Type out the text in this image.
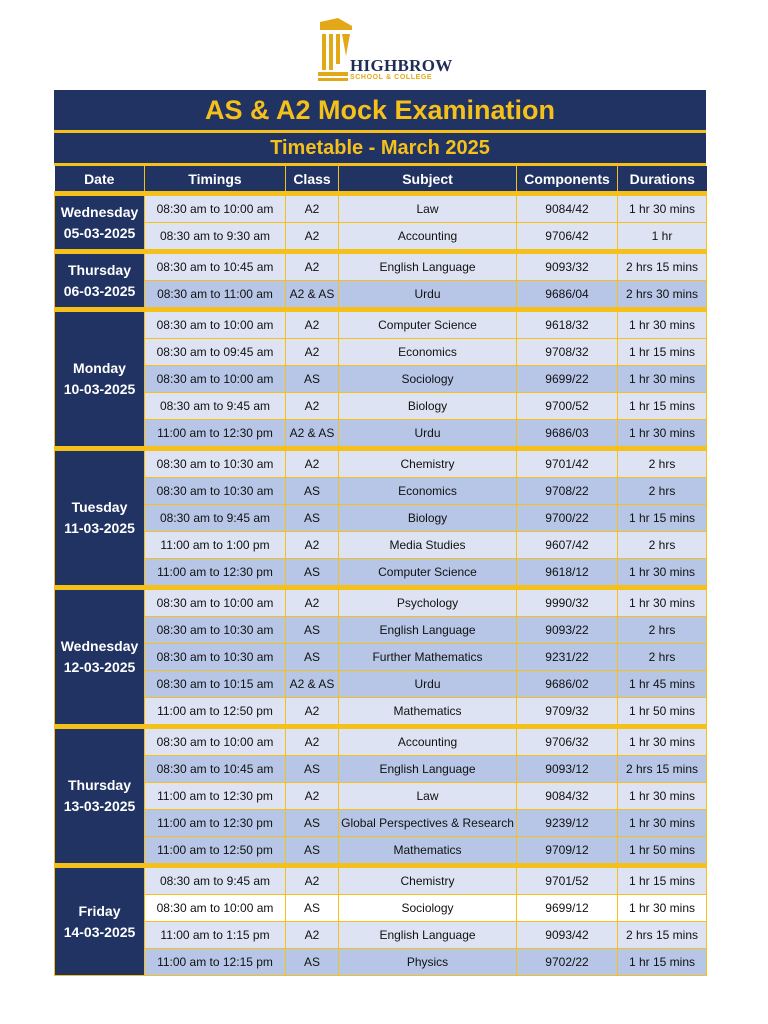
HIGHBROW
SCHOOL & COLLEGE
AS & A2 Mock Examination
Timetable - March 2025
Date	Timings	Class	Subject	Components	Durations

Wednesday
05-03-2025	08:30 am to 10:00 am	A2	Law	9084/42	1 hr 30 mins
	08:30 am to 9:30 am	A2	Accounting	9706/42	1 hr

Thursday
06-03-2025	08:30 am to 10:45 am	A2	English Language	9093/32	2 hrs 15 mins
	08:30 am to 11:00 am	A2 & AS	Urdu	9686/04	2 hrs 30 mins

Monday
10-03-2025	08:30 am to 10:00 am	A2	Computer Science	9618/32	1 hr 30 mins
	08:30 am to 09:45 am	A2	Economics	9708/32	1 hr 15 mins
	08:30 am to 10:00 am	AS	Sociology	9699/22	1 hr 30 mins
	08:30 am to 9:45 am	A2	Biology	9700/52	1 hr 15 mins
	11:00 am to 12:30 pm	A2 & AS	Urdu	9686/03	1 hr 30 mins

Tuesday
11-03-2025	08:30 am to 10:30 am	A2	Chemistry	9701/42	2 hrs
	08:30 am to 10:30 am	AS	Economics	9708/22	2 hrs
	08:30 am to 9:45 am	AS	Biology	9700/22	1 hr 15 mins
	11:00 am to 1:00 pm	A2	Media Studies	9607/42	2 hrs
	11:00 am to 12:30 pm	AS	Computer Science	9618/12	1 hr 30 mins

Wednesday
12-03-2025	08:30 am to 10:00 am	A2	Psychology	9990/32	1 hr 30 mins
	08:30 am to 10:30 am	AS	English Language	9093/22	2 hrs
	08:30 am to 10:30 am	AS	Further Mathematics	9231/22	2 hrs
	08:30 am to 10:15 am	A2 & AS	Urdu	9686/02	1 hr 45 mins
	11:00 am to 12:50 pm	A2	Mathematics	9709/32	1 hr 50 mins

Thursday
13-03-2025	08:30 am to 10:00 am	A2	Accounting	9706/32	1 hr 30 mins
	08:30 am to 10:45 am	AS	English Language	9093/12	2 hrs 15 mins
	11:00 am to 12:30 pm	A2	Law	9084/32	1 hr 30 mins
	11:00 am to 12:30 pm	AS	Global Perspectives & Research	9239/12	1 hr 30 mins
	11:00 am to 12:50 pm	AS	Mathematics	9709/12	1 hr 50 mins

Friday
14-03-2025	08:30 am to 9:45 am	A2	Chemistry	9701/52	1 hr 15 mins
	08:30 am to 10:00 am	AS	Sociology	9699/12	1 hr 30 mins
	11:00 am to 1:15 pm	A2	English Language	9093/42	2 hrs 15 mins
	11:00 am to 12:15 pm	AS	Physics	9702/22	1 hr 15 mins
